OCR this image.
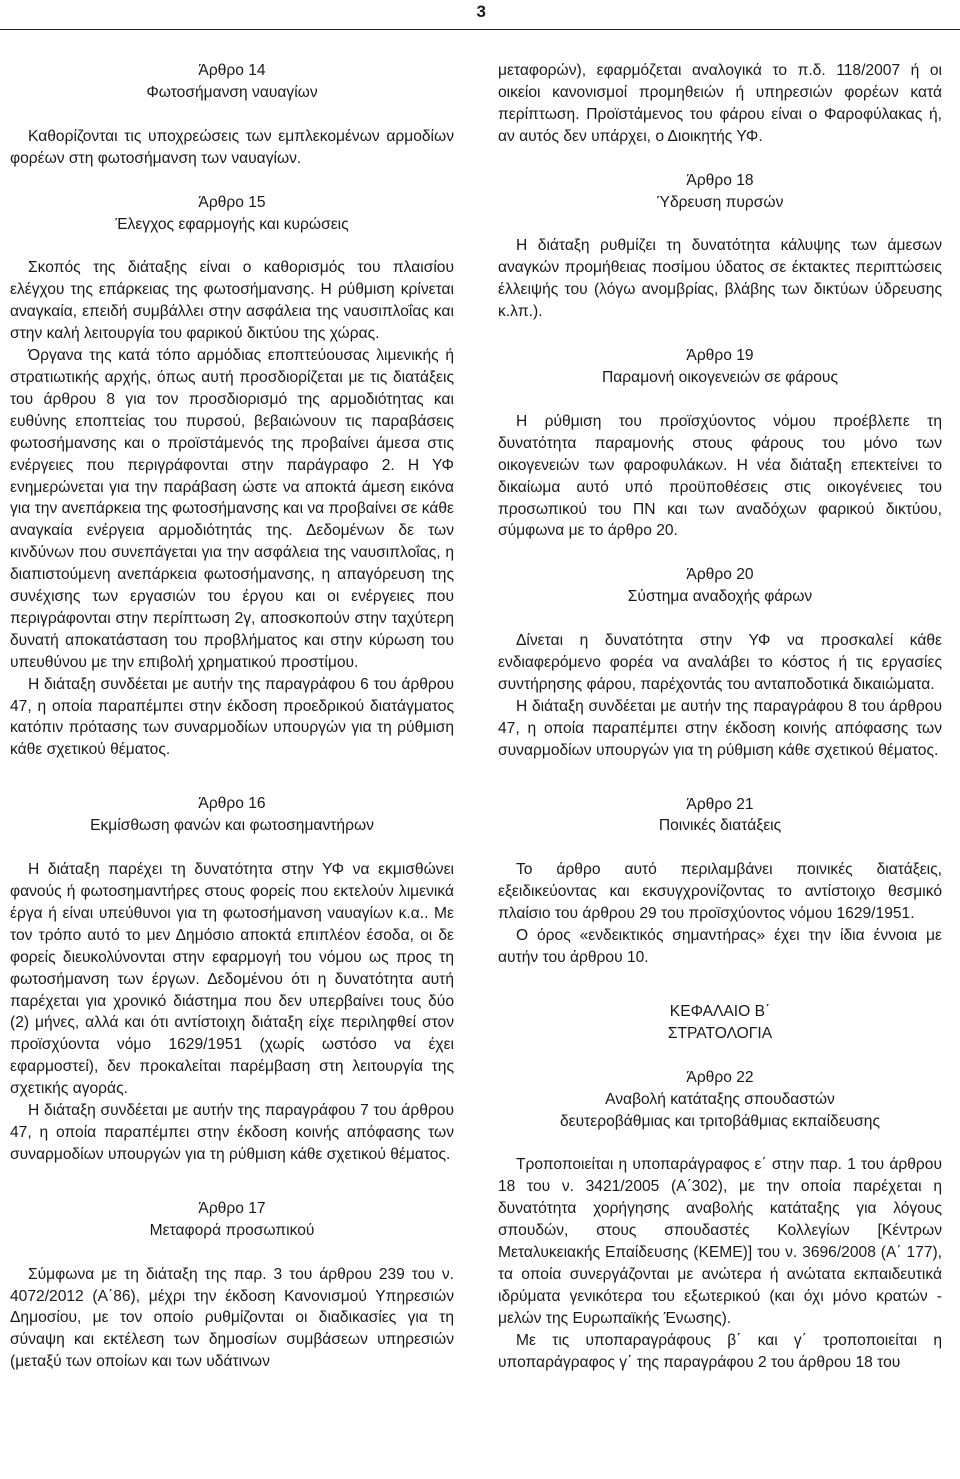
3
Άρθρο 14
Φωτοσήμανση ναυαγίων

Καθορίζονται τις υποχρεώσεις των εμπλεκομένων αρμοδίων φορέων στη φωτοσήμανση των ναυαγίων.

Άρθρο 15
Έλεγχος εφαρμογής και κυρώσεις

Σκοπός της διάταξης είναι ο καθορισμός του πλαισίου ελέγχου της επάρκειας της φωτοσήμανσης. Η ρύθμιση κρίνεται αναγκαία, επειδή συμβάλλει στην ασφάλεια της ναυσιπλοΐας και στην καλή λειτουργία του φαρικού δικτύου της χώρας.

Όργανα της κατά τόπο αρμόδιας εποπτεύουσας λιμενικής ή στρατιωτικής αρχής, όπως αυτή προσδιορίζεται με τις διατάξεις του άρθρου 8 για τον προσδιορισμό της αρμοδιότητας και ευθύνης εποπτείας του πυρσού, βεβαιώνουν τις παραβάσεις φωτοσήμανσης και ο προϊστάμενός της προβαίνει άμεσα στις ενέργειες που περιγράφονται στην παράγραφο 2. Η ΥΦ ενημερώνεται για την παράβαση ώστε να αποκτά άμεση εικόνα για την ανεπάρκεια της φωτοσήμανσης και να προβαίνει σε κάθε αναγκαία ενέργεια αρμοδιότητάς της. Δεδομένων δε των κινδύνων που συνεπάγεται για την ασφάλεια της ναυσιπλοΐας, η διαπιστούμενη ανεπάρκεια φωτοσήμανσης, η απαγόρευση της συνέχισης των εργασιών του έργου και οι ενέργειες που περιγράφονται στην περίπτωση 2γ, αποσκοπούν στην ταχύτερη δυνατή αποκατάσταση του προβλήματος και στην κύρωση του υπευθύνου με την επιβολή χρηματικού προστίμου.

Η διάταξη συνδέεται με αυτήν της παραγράφου 6 του άρθρου 47, η οποία παραπέμπει στην έκδοση προεδρικού διατάγματος κατόπιν πρότασης των συναρμοδίων υπουργών για τη ρύθμιση κάθε σχετικού θέματος.

Άρθρο 16
Εκμίσθωση φανών και φωτοσημαντήρων

Η διάταξη παρέχει τη δυνατότητα στην ΥΦ να εκμισθώνει φανούς ή φωτοσημαντήρες στους φορείς που εκτελούν λιμενικά έργα ή είναι υπεύθυνοι για τη φωτοσήμανση ναυαγίων κ.α.. Με τον τρόπο αυτό το μεν Δημόσιο αποκτά επιπλέον έσοδα, οι δε φορείς διευκολύνονται στην εφαρμογή του νόμου ως προς τη φωτοσήμανση των έργων. Δεδομένου ότι η δυνατότητα αυτή παρέχεται για χρονικό διάστημα που δεν υπερβαίνει τους δύο (2) μήνες, αλλά και ότι αντίστοιχη διάταξη είχε περιληφθεί στον προϊσχύοντα νόμο 1629/1951 (χωρίς ωστόσο να έχει εφαρμοστεί), δεν προκαλείται παρέμβαση στη λειτουργία της σχετικής αγοράς.

Η διάταξη συνδέεται με αυτήν της παραγράφου 7 του άρθρου 47, η οποία παραπέμπει στην έκδοση κοινής απόφασης των συναρμοδίων υπουργών για τη ρύθμιση κάθε σχετικού θέματος.

Άρθρο 17
Μεταφορά προσωπικού

Σύμφωνα με τη διάταξη της παρ. 3 του άρθρου 239 του ν. 4072/2012 (Α΄86), μέχρι την έκδοση Κανονισμού Υπηρεσιών Δημοσίου, με τον οποίο ρυθμίζονται οι διαδικασίες για τη σύναψη και εκτέλεση των δημοσίων συμβάσεων υπηρεσιών (μεταξύ των οποίων και των υδάτινων

μεταφορών), εφαρμόζεται αναλογικά το π.δ. 118/2007 ή οι οικείοι κανονισμοί προμηθειών ή υπηρεσιών φορέων κατά περίπτωση. Προϊστάμενος του φάρου είναι ο Φαροφύλακας ή, αν αυτός δεν υπάρχει, ο Διοικητής ΥΦ.

Άρθρο 18
Ύδρευση πυρσών

Η διάταξη ρυθμίζει τη δυνατότητα κάλυψης των άμεσων αναγκών προμήθειας ποσίμου ύδατος σε έκτακτες περιπτώσεις έλλειψής του (λόγω ανομβρίας, βλάβης των δικτύων ύδρευσης κ.λπ.).

Άρθρο 19
Παραμονή οικογενειών σε φάρους

Η ρύθμιση του προϊσχύοντος νόμου προέβλεπε τη δυνατότητα παραμονής στους φάρους του μόνο των οικογενειών των φαροφυλάκων. Η νέα διάταξη επεκτείνει το δικαίωμα αυτό υπό προϋποθέσεις στις οικογένειες του προσωπικού του ΠΝ και των αναδόχων φαρικού δικτύου, σύμφωνα με το άρθρο 20.

Άρθρο 20
Σύστημα αναδοχής φάρων

Δίνεται η δυνατότητα στην ΥΦ να προσκαλεί κάθε ενδιαφερόμενο φορέα να αναλάβει το κόστος ή τις εργασίες συντήρησης φάρου, παρέχοντάς του ανταποδοτικά δικαιώματα.

Η διάταξη συνδέεται με αυτήν της παραγράφου 8 του άρθρου 47, η οποία παραπέμπει στην έκδοση κοινής απόφασης των συναρμοδίων υπουργών για τη ρύθμιση κάθε σχετικού θέματος.

Άρθρο 21
Ποινικές διατάξεις

Το άρθρο αυτό περιλαμβάνει ποινικές διατάξεις, εξειδικεύοντας και εκσυγχρονίζοντας το αντίστοιχο θεσμικό πλαίσιο του άρθρου 29 του προϊσχύοντος νόμου 1629/1951.

Ο όρος «ενδεικτικός σημαντήρας» έχει την ίδια έννοια με αυτήν του άρθρου 10.

ΚΕΦΑΛΑΙΟ Β΄
ΣΤΡΑΤΟΛΟΓΙΑ
Άρθρο 22
Αναβολή κατάταξης σπουδαστών
δευτεροβάθμιας και τριτοβάθμιας εκπαίδευσης

Τροποποιείται η υποπαράγραφος ε΄ στην παρ. 1 του άρθρου 18 του ν. 3421/2005 (Α΄302), με την οποία παρέχεται η δυνατότητα χορήγησης αναβολής κατάταξης για λόγους σπουδών, στους σπουδαστές Κολλεγίων [Κέντρων Μεταλυκειακής Επαίδευσης (ΚΕΜΕ)] του ν. 3696/2008 (Α΄ 177), τα οποία συνεργάζονται με ανώτερα ή ανώτατα εκπαιδευτικά ιδρύματα γενικότερα του εξωτερικού (και όχι μόνο κρατών - μελών της Ευρωπαϊκής Ένωσης).

Με τις υποπαραγράφους β΄ και γ΄ τροποποιείται η υποπαράγραφος γ΄ της παραγράφου 2 του άρθρου 18 του
